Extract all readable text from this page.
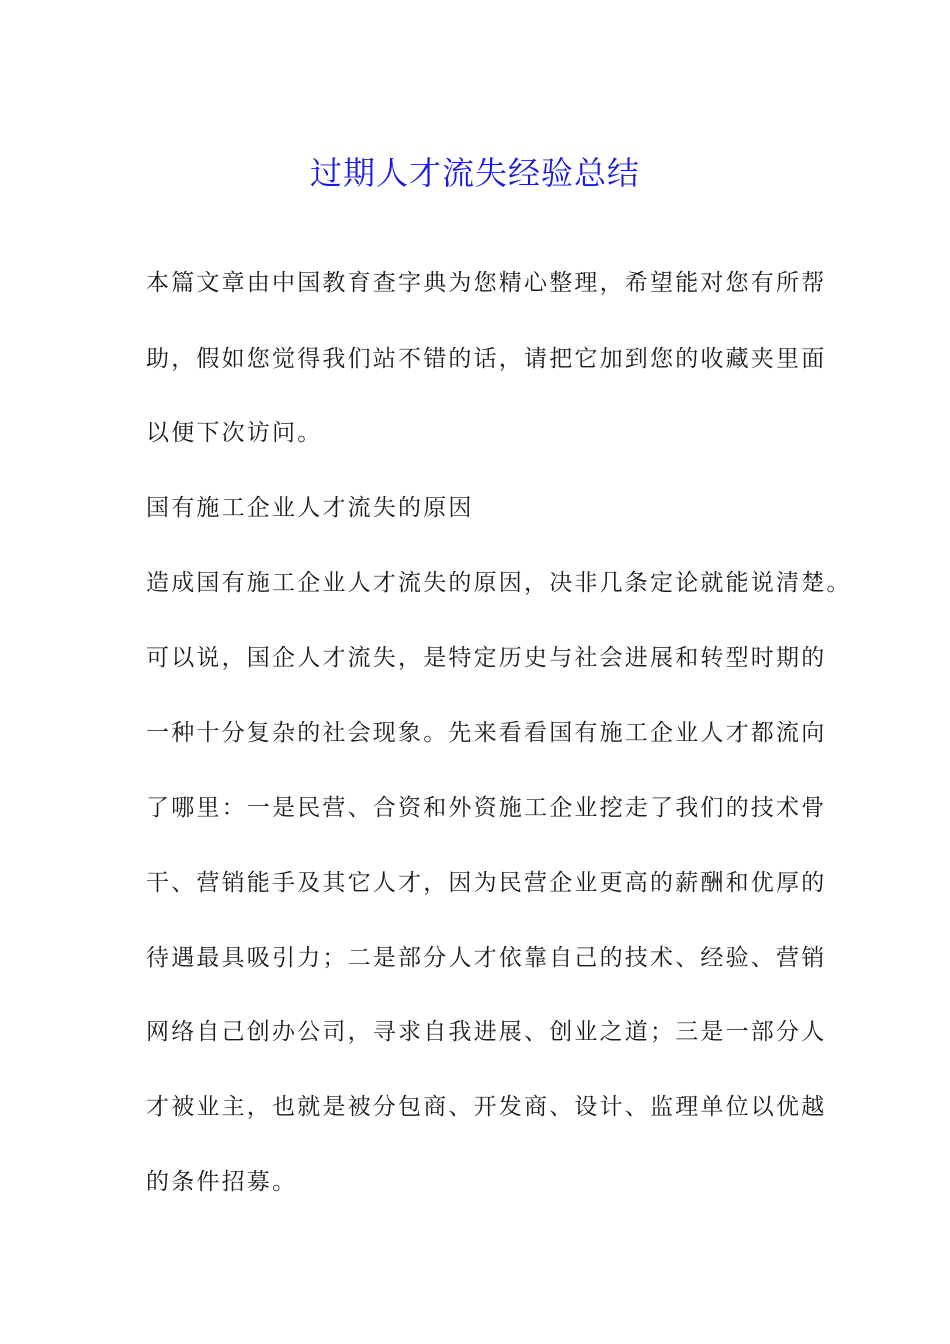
过期人才流失经验总结
本篇文章由中国教育查字典为您精心整理，希望能对您有所帮
助，假如您觉得我们站不错的话，请把它加到您的收藏夹里面
以便下次访问。
国有施工企业人才流失的原因
造成国有施工企业人才流失的原因，决非几条定论就能说清楚。
可以说，国企人才流失，是特定历史与社会进展和转型时期的
一种十分复杂的社会现象。先来看看国有施工企业人才都流向
了哪里：一是民营、合资和外资施工企业挖走了我们的技术骨
干、营销能手及其它人才，因为民营企业更高的薪酬和优厚的
待遇最具吸引力；二是部分人才依靠自己的技术、经验、营销
网络自己创办公司，寻求自我进展、创业之道；三是一部分人
才被业主，也就是被分包商、开发商、设计、监理单位以优越
的条件招募。
